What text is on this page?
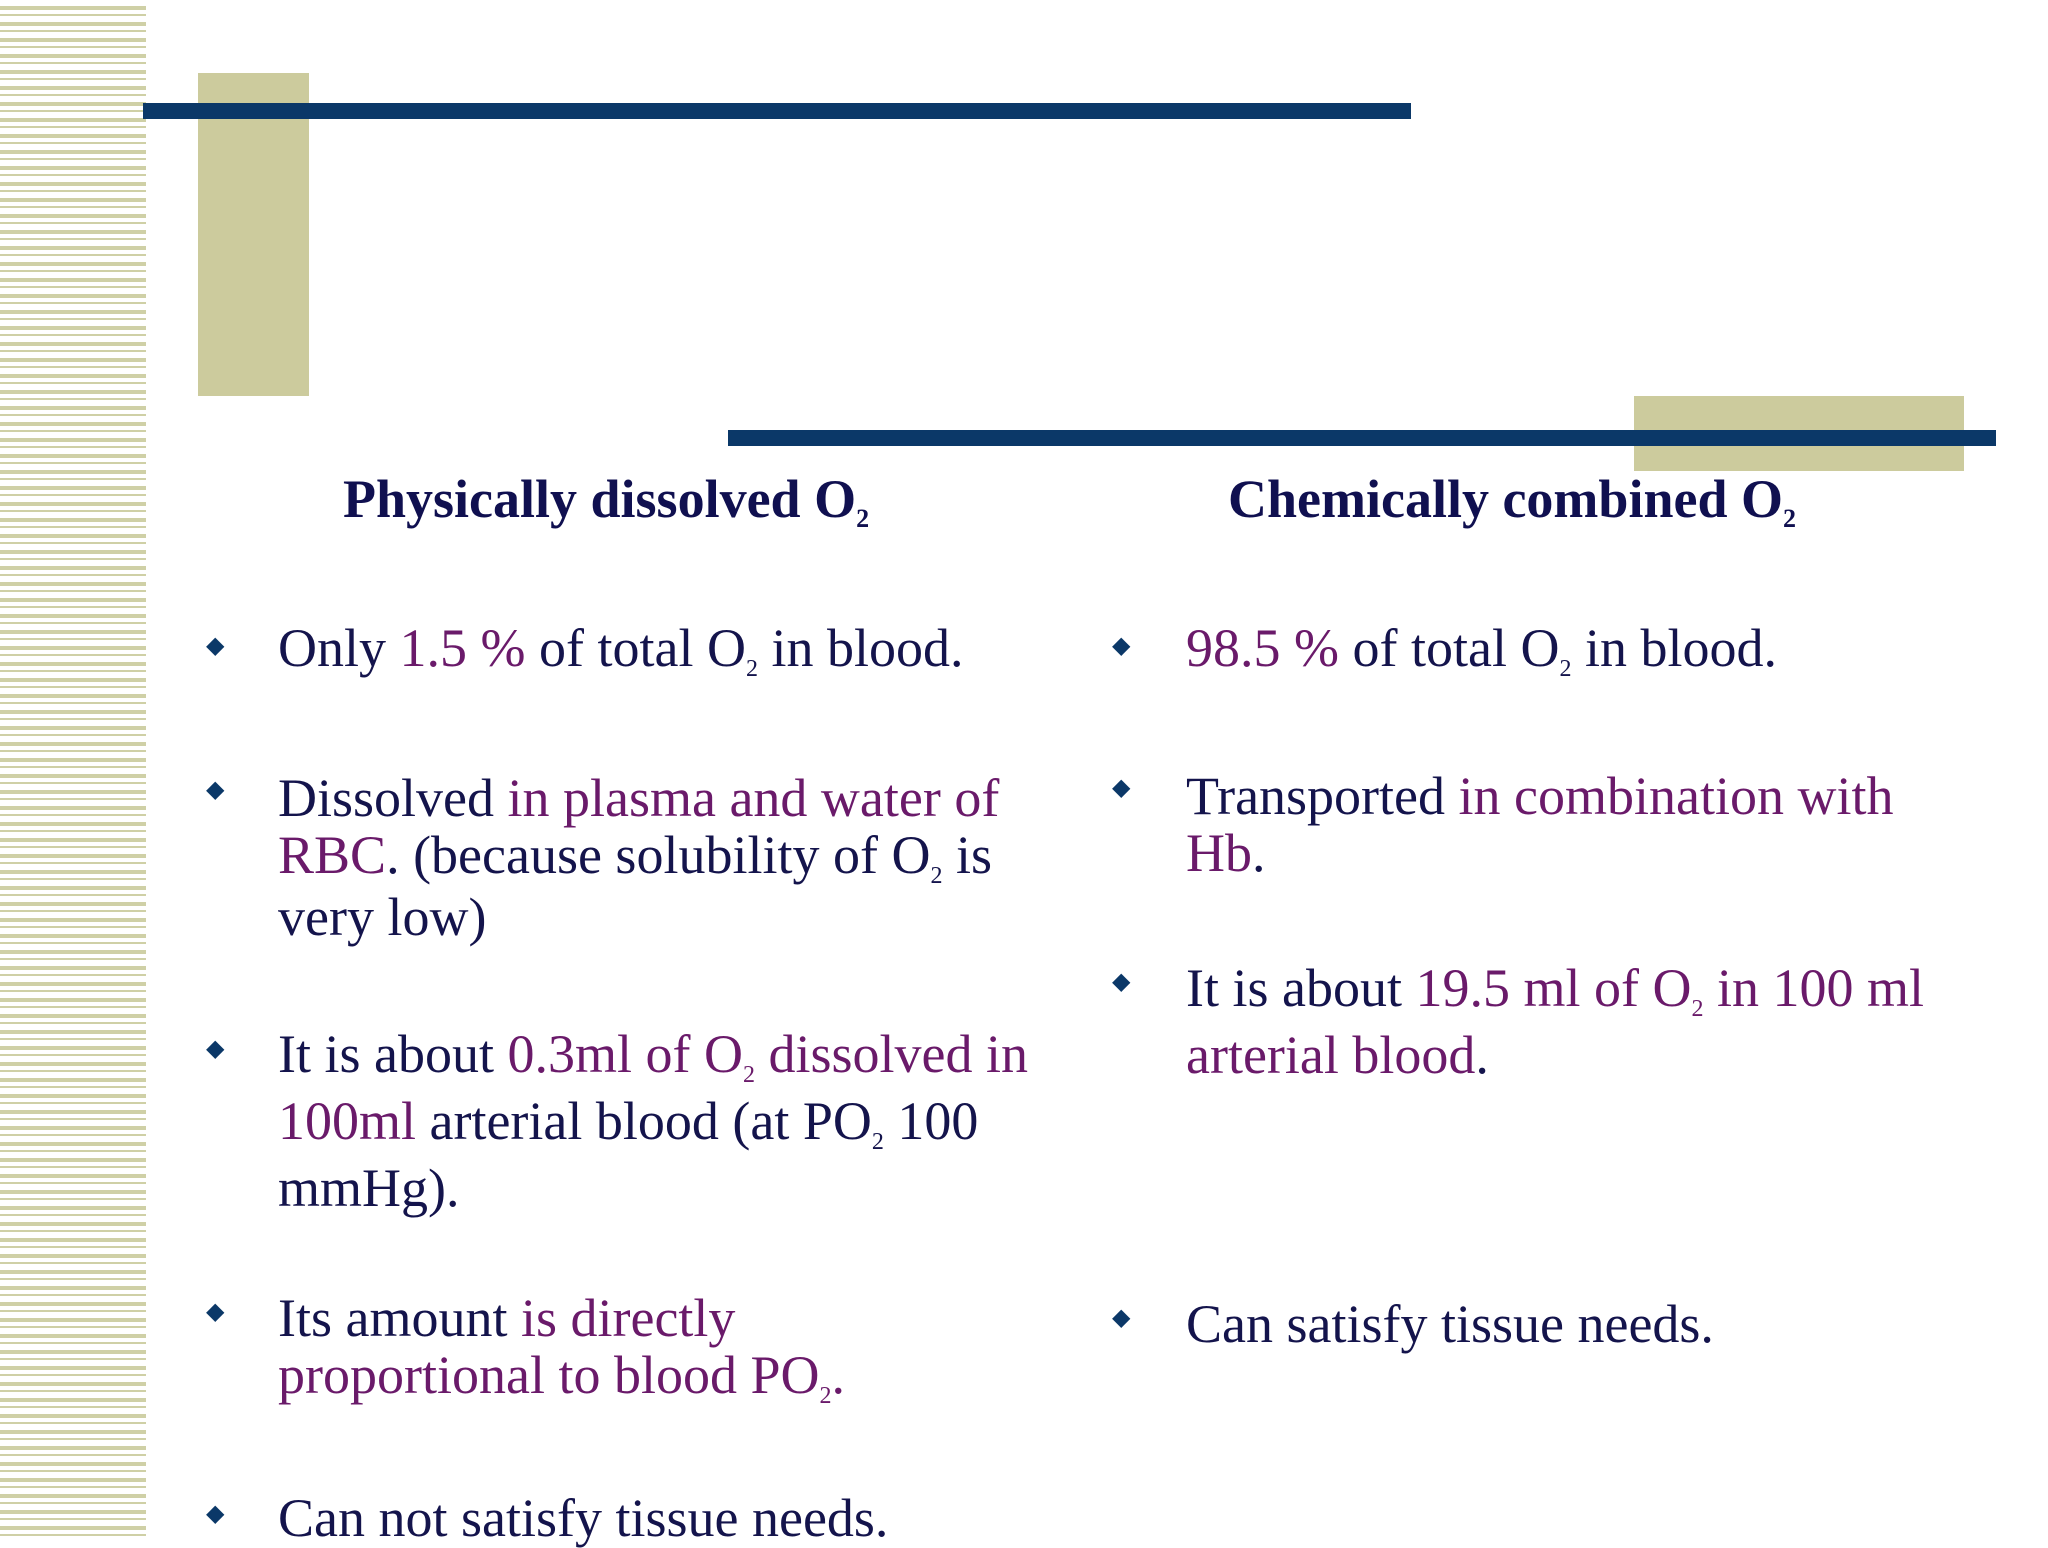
Physically dissolved $O_2$	Chemically combined $O_2$
◆ Only 1.5 % of total $O_2$ in blood.
◆ Dissolved in plasma and water of RBC. (because solubility of $O_2$ is very low)
◆ It is about 0.3ml of $O_2$ dissolved in 100ml arterial blood (at $PO_2$ 100 mmHg).
◆ Its amount is directly proportional to blood $PO_2$.
◆ Can not satisfy tissue needs.
◆ 98.5 % of total $O_2$ in blood.
◆ Transported in combination with Hb.
◆ It is about 19.5 ml of $O_2$ in 100 ml arterial blood.
◆ Can satisfy tissue needs.
